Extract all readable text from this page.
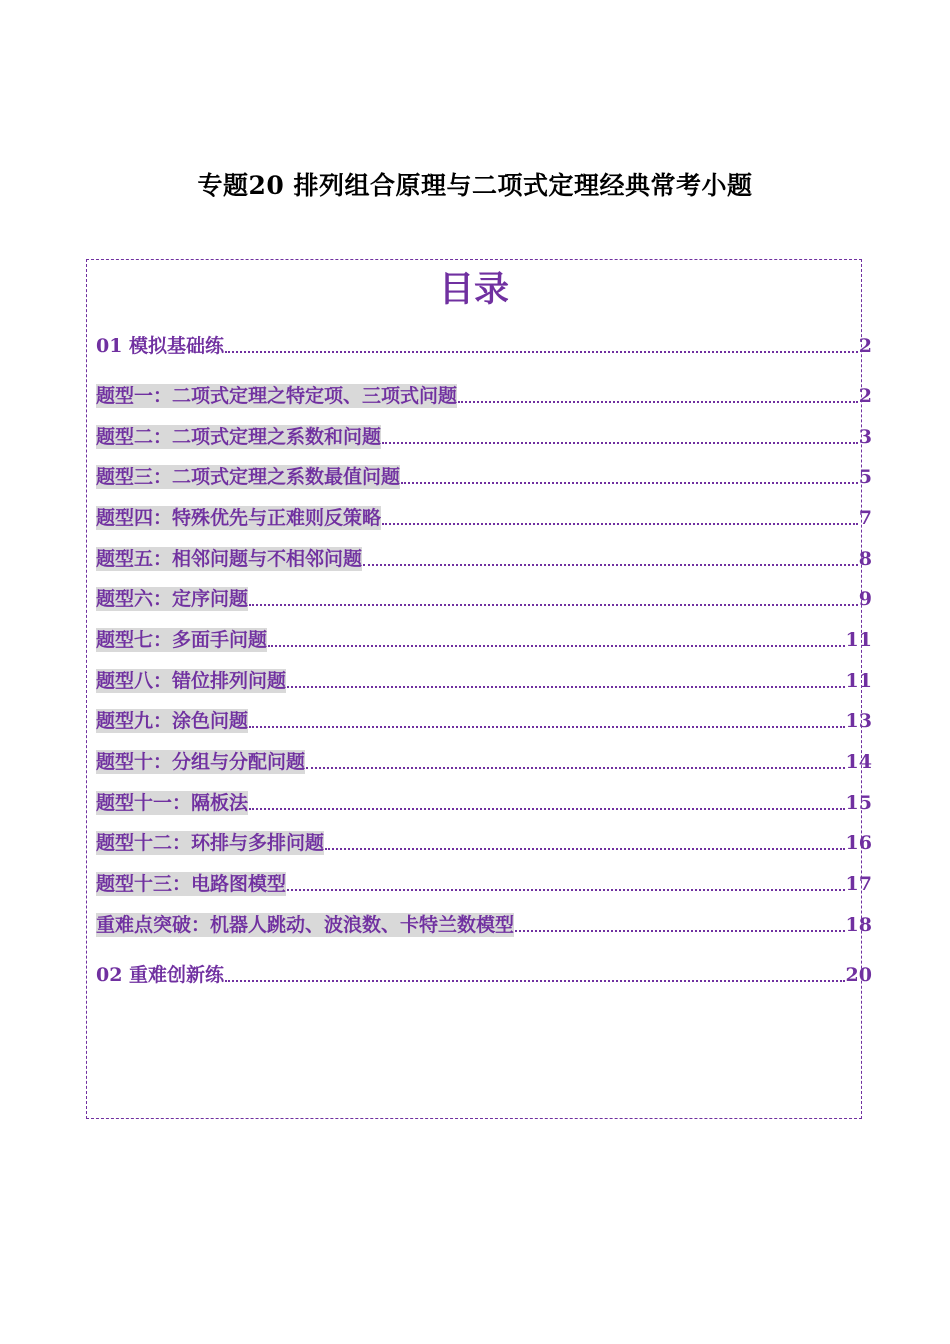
专题20 排列组合原理与二项式定理经典常考小题
目录
01 模拟基础练	2
题型一：二项式定理之特定项、三项式问题	2
题型二：二项式定理之系数和问题	3
题型三：二项式定理之系数最值问题	5
题型四：特殊优先与正难则反策略	7
题型五：相邻问题与不相邻问题	8
题型六：定序问题	9
题型七：多面手问题	11
题型八：错位排列问题	11
题型九：涂色问题	13
题型十：分组与分配问题	14
题型十一：隔板法	15
题型十二：环排与多排问题	16
题型十三：电路图模型	17
重难点突破：机器人跳动、波浪数、卡特兰数模型	18
02 重难创新练	20
